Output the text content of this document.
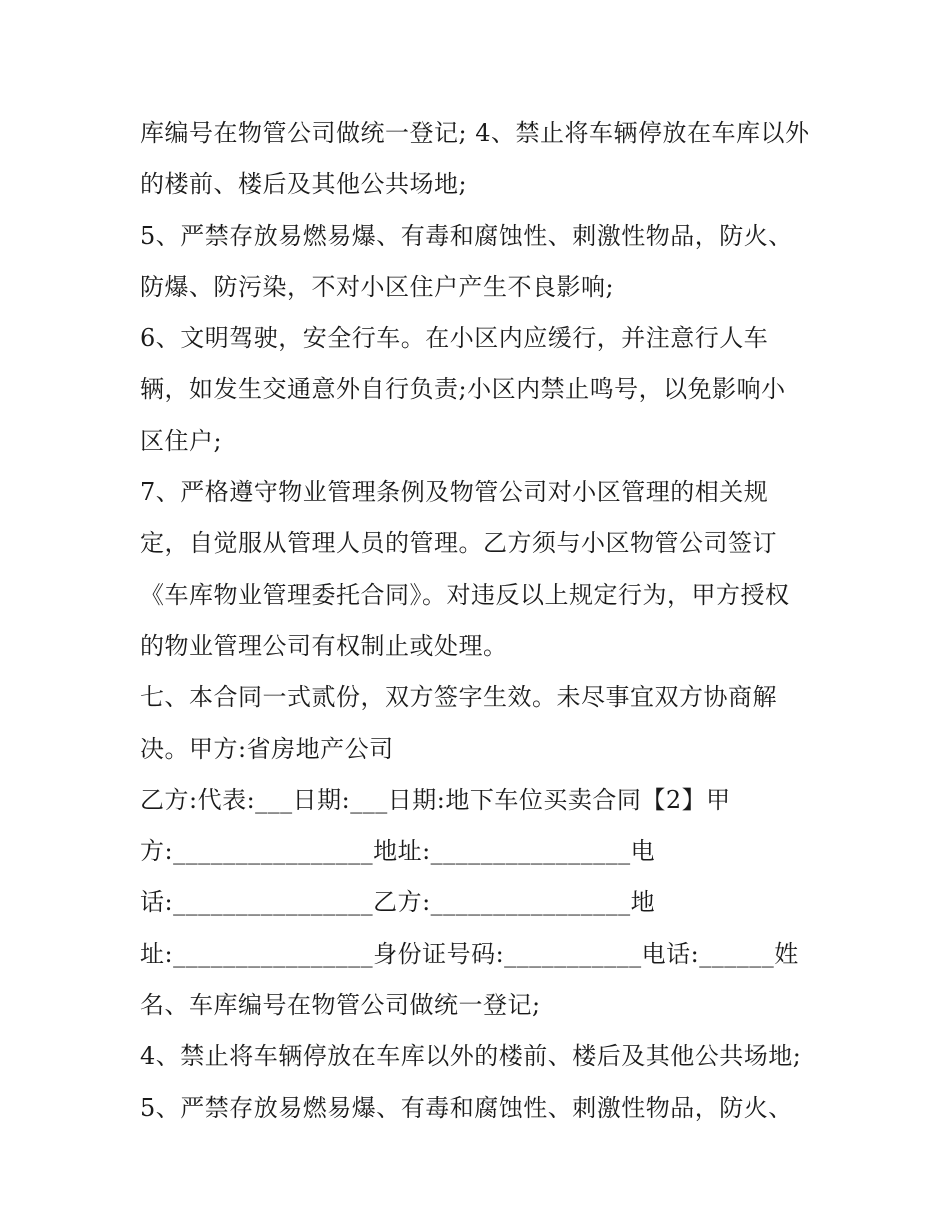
库编号在物管公司做统一登记; 4、禁止将车辆停放在车库以外
的楼前、楼后及其他公共场地;
5、严禁存放易燃易爆、有毒和腐蚀性、刺激性物品，防火、
防爆、防污染，不对小区住户产生不良影响;
6、文明驾驶，安全行车。在小区内应缓行，并注意行人车
辆，如发生交通意外自行负责;小区内禁止鸣号，以免影响小
区住户;
7、严格遵守物业管理条例及物管公司对小区管理的相关规
定，自觉服从管理人员的管理。乙方须与小区物管公司签订
《车库物业管理委托合同》。对违反以上规定行为，甲方授权
的物业管理公司有权制止或处理。
七、本合同一式贰份，双方签字生效。未尽事宜双方协商解
决。甲方:省房地产公司
乙方:代表:___日期:___日期:地下车位买卖合同【2】甲
方:________________地址:________________电
话:________________乙方:________________地
址:________________身份证号码:___________电话:______姓
名、车库编号在物管公司做统一登记;
4、禁止将车辆停放在车库以外的楼前、楼后及其他公共场地;
5、严禁存放易燃易爆、有毒和腐蚀性、刺激性物品，防火、
